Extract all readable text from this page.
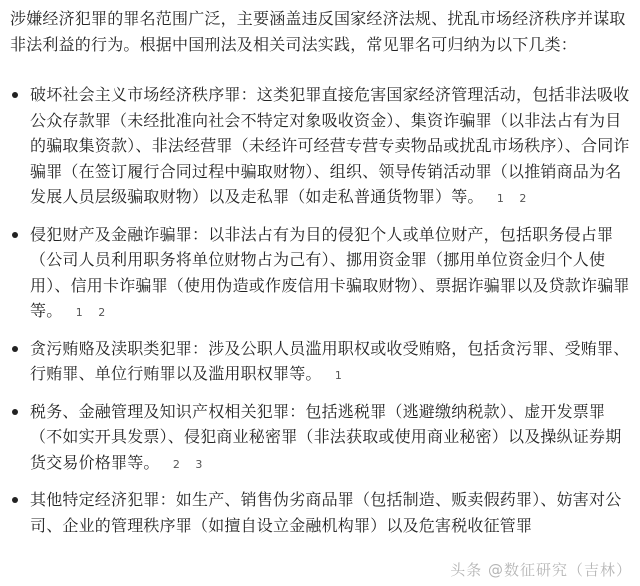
涉嫌经济犯罪的罪名范围广泛，主要涵盖违反国家经济法规、扰乱市场经济秩序并谋取非法利益的行为。根据中国刑法及相关司法实践，常见罪名可归纳为以下几类：

破坏社会主义市场经济秩序罪：这类犯罪直接危害国家经济管理活动，包括非法吸收公众存款罪（未经批准向社会不特定对象吸收资金）、集资诈骗罪（以非法占有为目的骗取集资款）、非法经营罪（未经许可经营专营专卖物品或扰乱市场秩序）、合同诈骗罪（在签订履行合同过程中骗取财物）、组织、领导传销活动罪（以推销商品为名发展人员层级骗取财物）以及走私罪（如走私普通货物罪）等。 1 2
侵犯财产及金融诈骗罪：以非法占有为目的侵犯个人或单位财产，包括职务侵占罪（公司人员利用职务将单位财物占为己有）、挪用资金罪（挪用单位资金归个人使用）、信用卡诈骗罪（使用伪造或作废信用卡骗取财物）、票据诈骗罪以及贷款诈骗罪等。 1 2
贪污贿赂及渎职类犯罪：涉及公职人员滥用职权或收受贿赂，包括贪污罪、受贿罪、行贿罪、单位行贿罪以及滥用职权罪等。 1
税务、金融管理及知识产权相关犯罪：包括逃税罪（逃避缴纳税款）、虚开发票罪（不如实开具发票）、侵犯商业秘密罪（非法获取或使用商业秘密）以及操纵证券期货交易价格罪等。 2 3
其他特定经济犯罪：如生产、销售伪劣商品罪（包括制造、贩卖假药罪）、妨害对公司、企业的管理秩序罪（如擅自设立金融机构罪）以及危害税收征管罪
头条 @数征研究（吉林）
